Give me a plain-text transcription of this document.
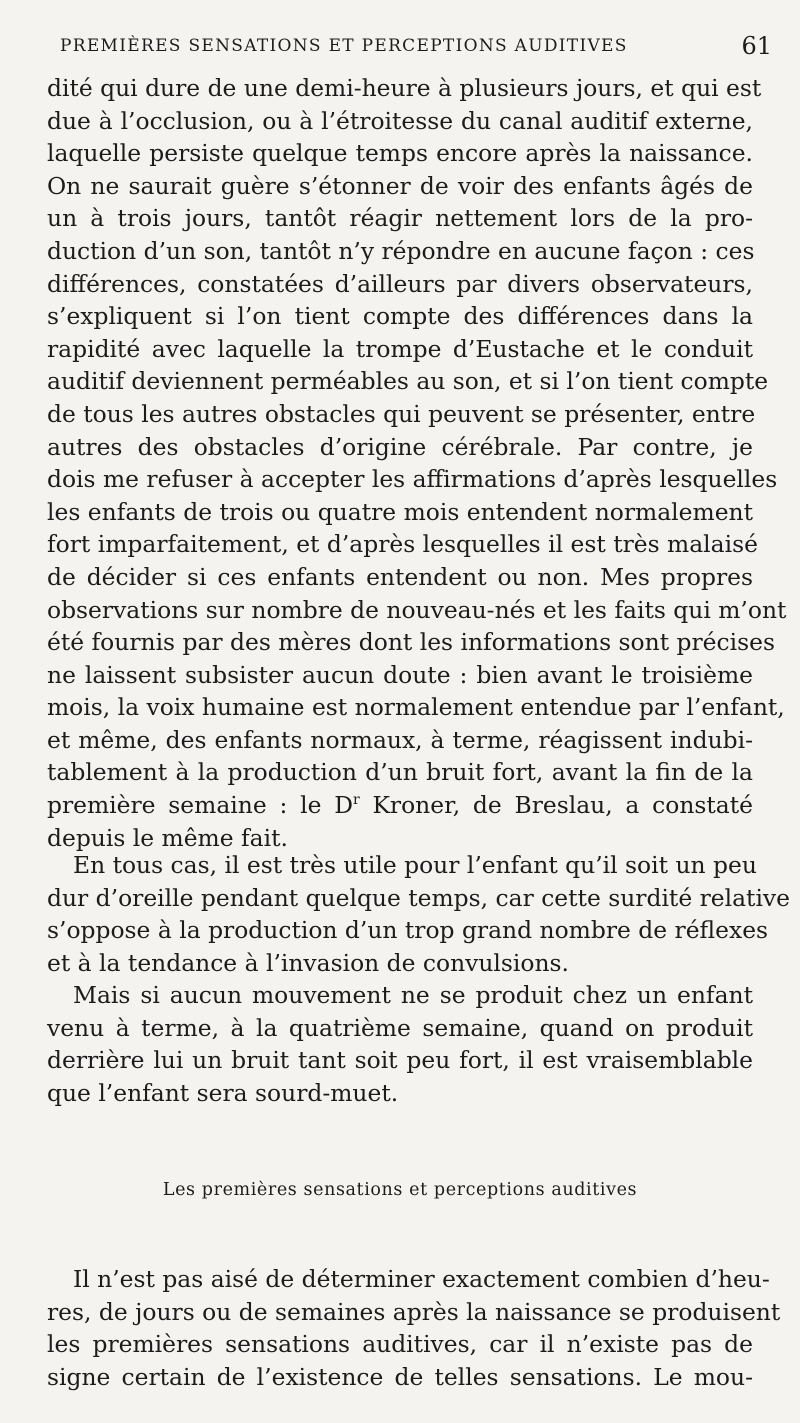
PREMIÈRES SENSATIONS ET PERCEPTIONS AUDITIVES	61
dité qui dure de une demi-heure à plusieurs jours, et qui est
due à l’occlusion, ou à l’étroitesse du canal auditif externe,
laquelle persiste quelque temps encore après la naissance.
On ne saurait guère s’étonner de voir des enfants âgés de
un à trois jours, tantôt réagir nettement lors de la pro-
duction d’un son, tantôt n’y répondre en aucune façon : ces
différences, constatées d’ailleurs par divers observateurs,
s’expliquent si l’on tient compte des différences dans la
rapidité avec laquelle la trompe d’Eustache et le conduit
auditif deviennent perméables au son, et si l’on tient compte
de tous les autres obstacles qui peuvent se présenter, entre
autres des obstacles d’origine cérébrale. Par contre, je
dois me refuser à accepter les affirmations d’après lesquelles
les enfants de trois ou quatre mois entendent normalement
fort imparfaitement, et d’après lesquelles il est très malaisé
de décider si ces enfants entendent ou non. Mes propres
observations sur nombre de nouveau-nés et les faits qui m’ont
été fournis par des mères dont les informations sont précises
ne laissent subsister aucun doute : bien avant le troisième
mois, la voix humaine est normalement entendue par l’enfant,
et même, des enfants normaux, à terme, réagissent indubi-
tablement à la production d’un bruit fort, avant la fin de la
première semaine : le $D^r$ Kroner, de Breslau, a constaté
depuis le même fait.
En tous cas, il est très utile pour l’enfant qu’il soit un peu
dur d’oreille pendant quelque temps, car cette surdité relative
s’oppose à la production d’un trop grand nombre de réflexes
et à la tendance à l’invasion de convulsions.
Mais si aucun mouvement ne se produit chez un enfant
venu à terme, à la quatrième semaine, quand on produit
derrière lui un bruit tant soit peu fort, il est vraisemblable
que l’enfant sera sourd-muet.
Les premières sensations et perceptions auditives
Il n’est pas aisé de déterminer exactement combien d’heu-
res, de jours ou de semaines après la naissance se produisent
les premières sensations auditives, car il n’existe pas de
signe certain de l’existence de telles sensations. Le mou-
